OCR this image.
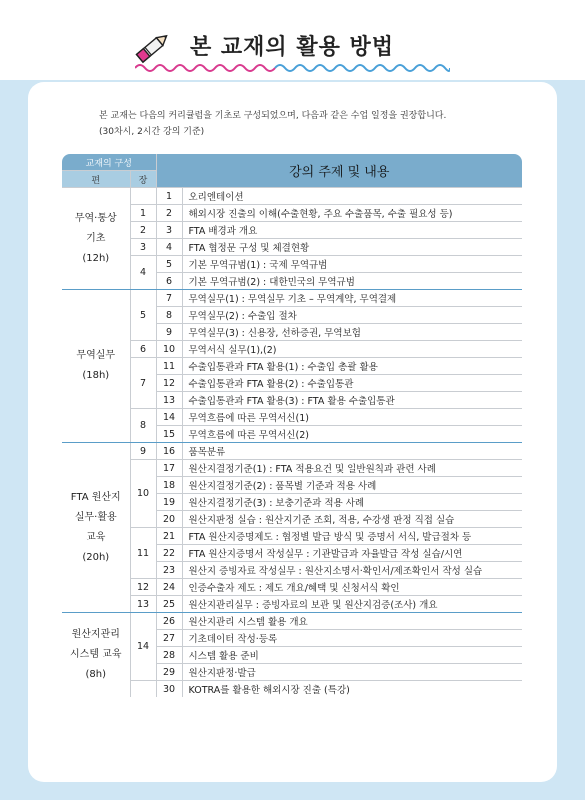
본 교재의 활용 방법
본 교재는 다음의 커리큘럼을 기초로 구성되었으며, 다음과 같은 수업 일정을 권장합니다.
(30차시, 2시간 강의 기준)
교재의 구성		강의 주제 및 내용	
편	장		

무역·통상
기초
(12h)		1	오리엔테이션
	1	2	해외시장 진출의 이해(수출현황, 주요 수출품목, 수출 필요성 등)
	2	3	FTA 배경과 개요
	3	4	FTA 협정문 구성 및 체결현황
	4	5	기본 무역규범(1) : 국제 무역규범
		6	기본 무역규범(2) : 대한민국의 무역규범

무역실무
(18h)	5	7	무역실무(1) : 무역실무 기초 – 무역계약, 무역결제
		8	무역실무(2) : 수출입 절차
		9	무역실무(3) : 신용장, 선하증권, 무역보험
	6	10	무역서식 실무(1),(2)
	7	11	수출입통관과 FTA 활용(1) : 수출입 총괄 활용
		12	수출입통관과 FTA 활용(2) : 수출입통관
		13	수출입통관과 FTA 활용(3) : FTA 활용 수출입통관
	8	14	무역흐름에 따른 무역서신(1)
		15	무역흐름에 따른 무역서신(2)

FTA 원산지
실무·활용
교육
(20h)	9	16	품목분류
	10	17	원산지결정기준(1) : FTA 적용요건 및 일반원칙과 관련 사례
		18	원산지결정기준(2) : 품목별 기준과 적용 사례
		19	원산지결정기준(3) : 보충기준과 적용 사례
		20	원산지판정 실습 : 원산지기준 조회, 적용, 수강생 판정 직접 실습
	11	21	FTA 원산지증명제도 : 협정별 발급 방식 및 증명서 서식, 발급절차 등
		22	FTA 원산지증명서 작성실무 : 기관발급과 자율발급 작성 실습/시연
		23	원산지 증빙자료 작성실무 : 원산지소명서·확인서/제조확인서 작성 실습
	12	24	인증수출자 제도 : 제도 개요/혜택 및 신청서식 확인
	13	25	원산지관리실무 : 증빙자료의 보관 및 원산지검증(조사) 개요

원산지관리
시스템 교육
(8h)	14	26	원산지관리 시스템 활용 개요
		27	기초데이터 작성·등록
		28	시스템 활용 준비
		29	원산지판정·발급
		30	KOTRA를 활용한 해외시장 진출 (특강)
